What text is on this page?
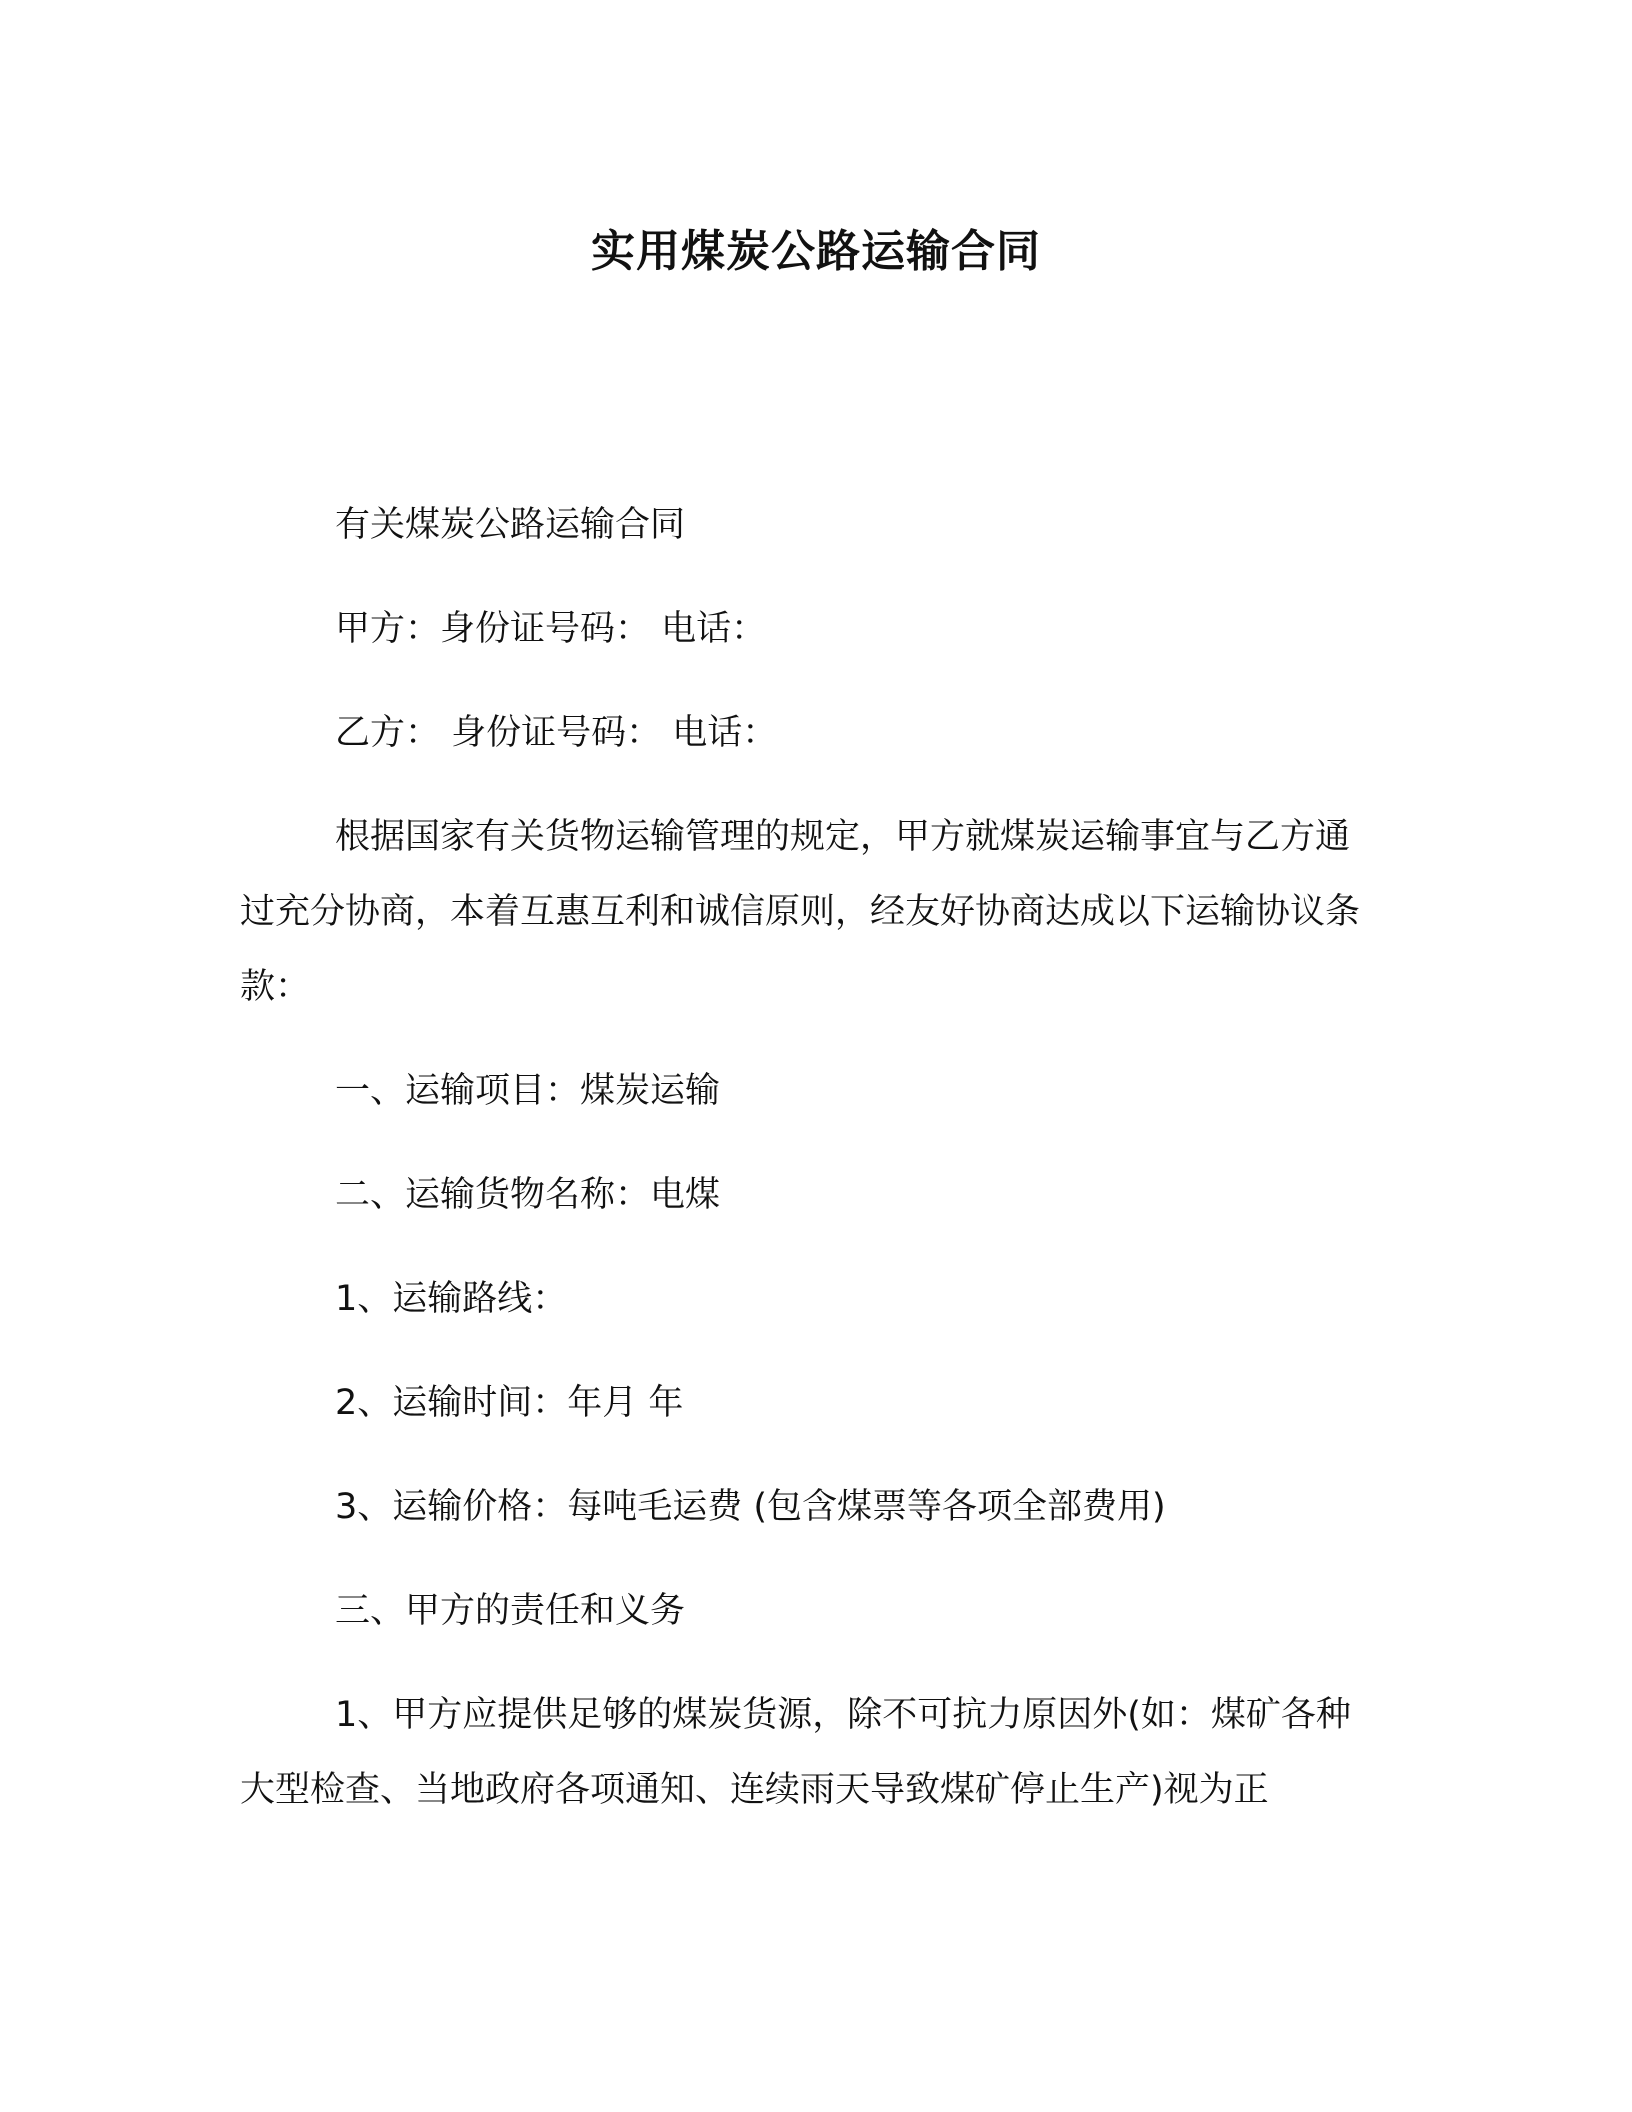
实用煤炭公路运输合同

有关煤炭公路运输合同

甲方：身份证号码： 电话：

乙方： 身份证号码： 电话：

根据国家有关货物运输管理的规定，甲方就煤炭运输事宜与乙方通过充分协商，本着互惠互利和诚信原则，经友好协商达成以下运输协议条款：

一、运输项目：煤炭运输

二、运输货物名称：电煤

1、运输路线：

2、运输时间：年月 年

3、运输价格：每吨毛运费 (包含煤票等各项全部费用)

三、甲方的责任和义务

1、甲方应提供足够的煤炭货源，除不可抗力原因外(如：煤矿各种大型检查、当地政府各项通知、连续雨天导致煤矿停止生产)视为正
